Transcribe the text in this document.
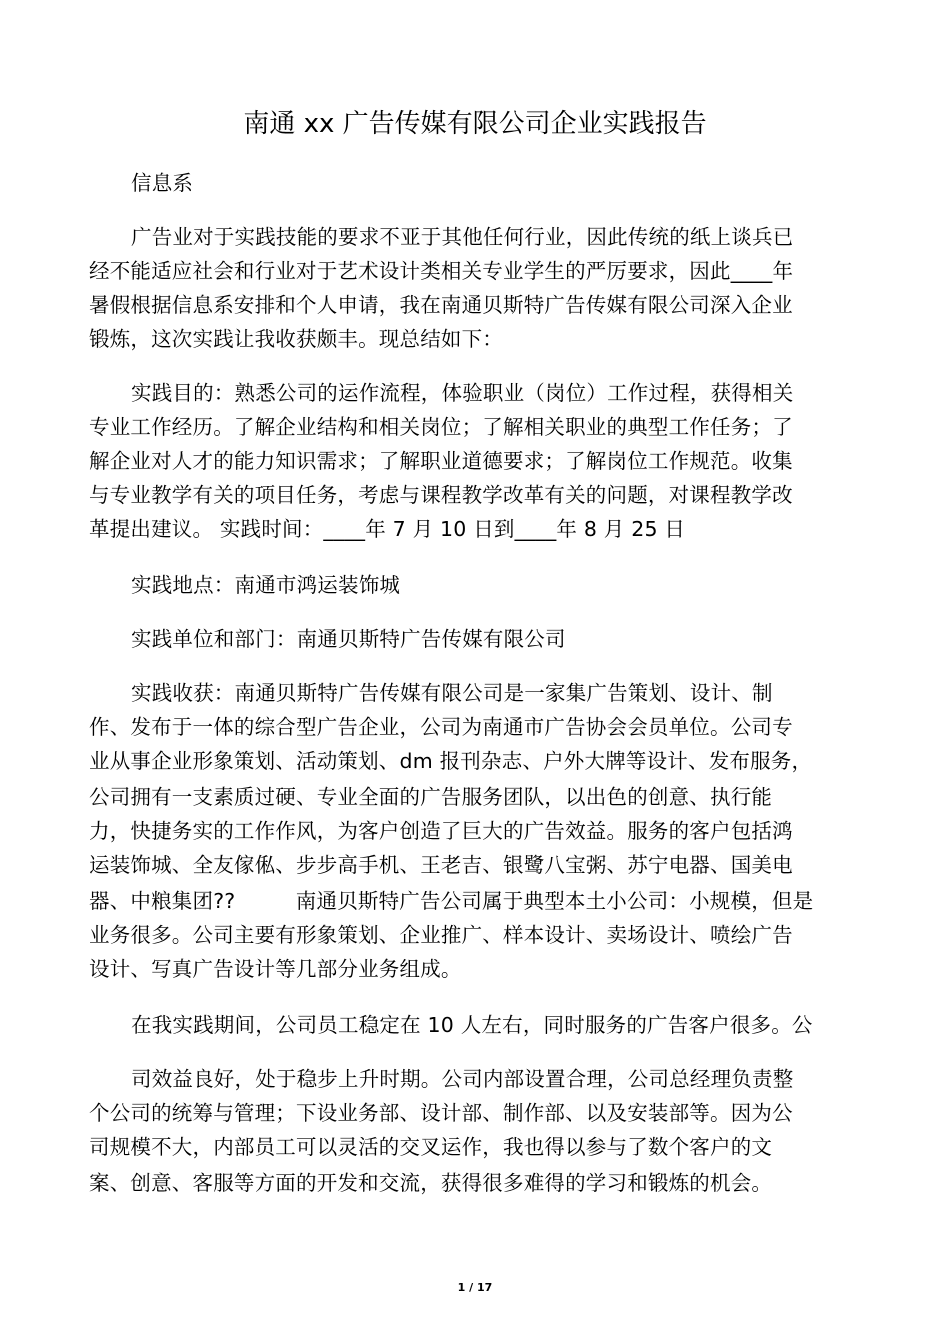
南通 xx 广告传媒有限公司企业实践报告
信息系
广告业对于实践技能的要求不亚于其他任何行业，因此传统的纸上谈兵已
经不能适应社会和行业对于艺术设计类相关专业学生的严厉要求，因此____年
暑假根据信息系安排和个人申请，我在南通贝斯特广告传媒有限公司深入企业
锻炼，这次实践让我收获颇丰。现总结如下：
实践目的：熟悉公司的运作流程，体验职业（岗位）工作过程，获得相关
专业工作经历。了解企业结构和相关岗位；了解相关职业的典型工作任务；了
解企业对人才的能力知识需求；了解职业道德要求；了解岗位工作规范。收集
与专业教学有关的项目任务，考虑与课程教学改革有关的问题，对课程教学改
革提出建议。 实践时间：____年 7 月 10 日到____年 8 月 25 日
实践地点：南通市鸿运装饰城
实践单位和部门：南通贝斯特广告传媒有限公司
实践收获：南通贝斯特广告传媒有限公司是一家集广告策划、设计、制
作、发布于一体的综合型广告企业，公司为南通市广告协会会员单位。公司专
业从事企业形象策划、活动策划、dm 报刊杂志、户外大牌等设计、发布服务，
公司拥有一支素质过硬、专业全面的广告服务团队，以出色的创意、执行能
力，快捷务实的工作作风，为客户创造了巨大的广告效益。服务的客户包括鸿
运装饰城、全友傢俬、步步高手机、王老吉、银鹭八宝粥、苏宁电器、国美电
器、中粮集团??         南通贝斯特广告公司属于典型本土小公司：小规模，但是
业务很多。公司主要有形象策划、企业推广、样本设计、卖场设计、喷绘广告
设计、写真广告设计等几部分业务组成。
在我实践期间，公司员工稳定在 10 人左右，同时服务的广告客户很多。公
司效益良好，处于稳步上升时期。公司内部设置合理，公司总经理负责整
个公司的统筹与管理；下设业务部、设计部、制作部、以及安装部等。因为公
司规模不大，内部员工可以灵活的交叉运作，我也得以参与了数个客户的文
案、创意、客服等方面的开发和交流，获得很多难得的学习和锻炼的机会。
1 / 17
